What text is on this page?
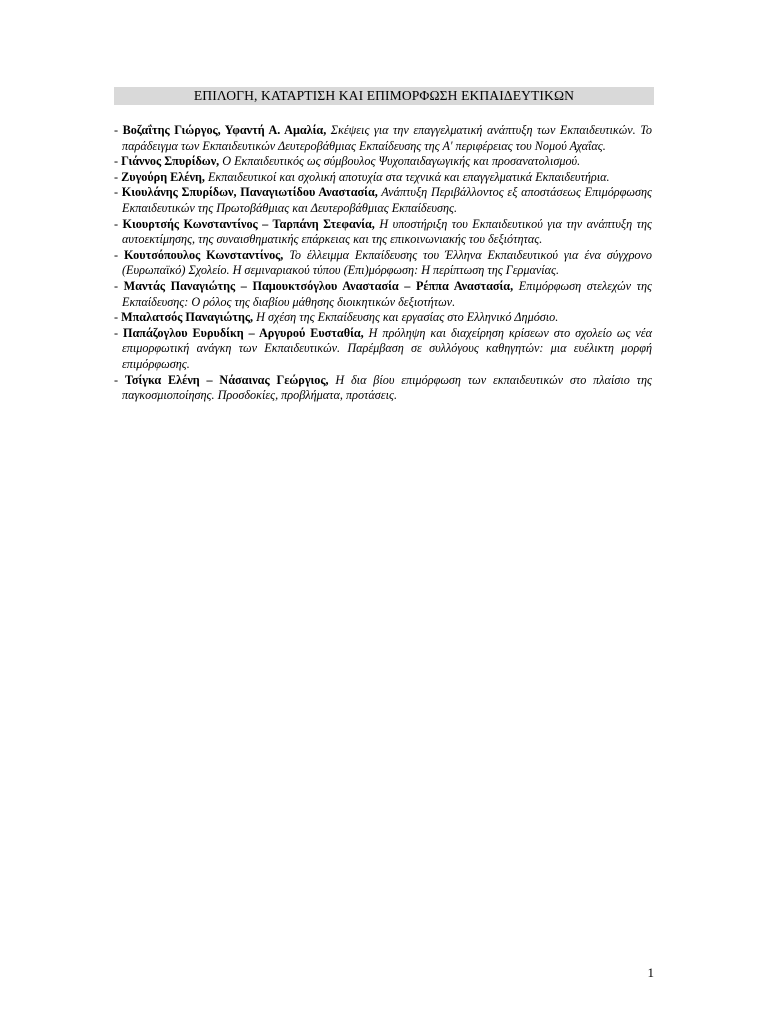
ΕΠΙΛΟΓΗ, ΚΑΤΑΡΤΙΣΗ ΚΑΙ ΕΠΙΜΟΡΦΩΣΗ ΕΚΠΑΙΔΕΥΤΙΚΩΝ
- Βοζαΐτης Γιώργος, Υφαντή Α. Αμαλία, Σκέψεις για την επαγγελματική ανάπτυξη των Εκπαιδευτικών. Το παράδειγμα των Εκπαιδευτικών Δευτεροβάθμιας Εκπαίδευσης της Α' περιφέρειας του Νομού Αχαΐας.
- Γιάννος Σπυρίδων, Ο Εκπαιδευτικός ως σύμβουλος Ψυχοπαιδαγωγικής και προσανατολισμού.
- Ζυγούρη Ελένη, Εκπαιδευτικοί και σχολική αποτυχία στα τεχνικά και επαγγελματικά Εκπαιδευτήρια.
- Κιουλάνης Σπυρίδων, Παναγιωτίδου Αναστασία, Ανάπτυξη Περιβάλλοντος εξ αποστάσεως Επιμόρφωσης Εκπαιδευτικών της Πρωτοβάθμιας και Δευτεροβάθμιας Εκπαίδευσης.
- Κιουρτσής Κωνσταντίνος – Ταρπάνη Στεφανία, Η υποστήριξη του Εκπαιδευτικού για την ανάπτυξη της αυτοεκτίμησης, της συναισθηματικής επάρκειας και της επικοινωνιακής του δεξιότητας.
- Κουτσόπουλος Κωνσταντίνος, Το έλλειμμα Εκπαίδευσης του Έλληνα Εκπαιδευτικού για ένα σύγχρονο (Ευρωπαϊκό) Σχολείο. Η σεμιναριακού τύπου (Επι)μόρφωση: Η περίπτωση της Γερμανίας.
- Μαντάς Παναγιώτης – Παμουκτσόγλου Αναστασία – Ρέππα Αναστασία, Επιμόρφωση στελεχών της Εκπαίδευσης: Ο ρόλος της διαβίου μάθησης διοικητικών δεξιοτήτων.
- Μπαλατσός Παναγιώτης, Η σχέση της Εκπαίδευσης και εργασίας στο Ελληνικό Δημόσιο.
- Παπάζογλου Ευρυδίκη – Αργυρού Ευσταθία, Η πρόληψη και διαχείρηση κρίσεων στο σχολείο ως νέα επιμορφωτική ανάγκη των Εκπαιδευτικών. Παρέμβαση σε συλλόγους καθηγητών: μια ευέλικτη μορφή επιμόρφωσης.
- Τσίγκα Ελένη – Νάσαινας Γεώργιος, Η δια βίου επιμόρφωση των εκπαιδευτικών στο πλαίσιο της παγκοσμιοποίησης. Προσδοκίες, προβλήματα, προτάσεις.
1
